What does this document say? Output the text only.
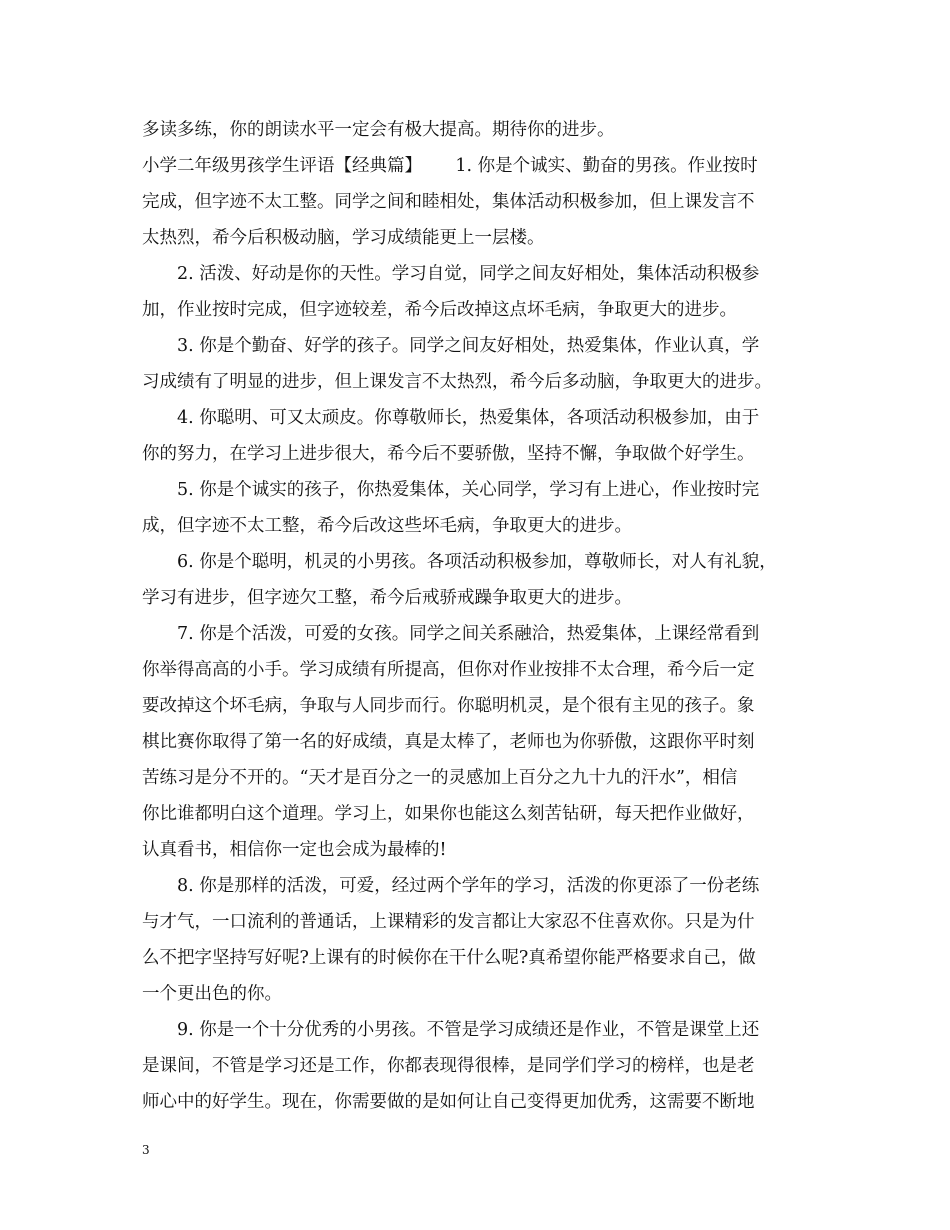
多读多练，你的朗读水平一定会有极大提高。期待你的进步。
小学二年级男孩学生评语【经典篇】      1. 你是个诚实、勤奋的男孩。作业按时
完成，但字迹不太工整。同学之间和睦相处，集体活动积极参加，但上课发言不
太热烈，希今后积极动脑，学习成绩能更上一层楼。
2. 活泼、好动是你的天性。学习自觉，同学之间友好相处，集体活动积极参
加，作业按时完成，但字迹较差，希今后改掉这点坏毛病，争取更大的进步。
3. 你是个勤奋、好学的孩子。同学之间友好相处，热爱集体，作业认真，学
习成绩有了明显的进步，但上课发言不太热烈，希今后多动脑，争取更大的进步。
4. 你聪明、可又太顽皮。你尊敬师长，热爱集体，各项活动积极参加，由于
你的努力，在学习上进步很大，希今后不要骄傲，坚持不懈，争取做个好学生。
5. 你是个诚实的孩子，你热爱集体，关心同学，学习有上进心，作业按时完
成，但字迹不太工整，希今后改这些坏毛病，争取更大的进步。
6. 你是个聪明，机灵的小男孩。各项活动积极参加，尊敬师长，对人有礼貌，
学习有进步，但字迹欠工整，希今后戒骄戒躁争取更大的进步。
7. 你是个活泼，可爱的女孩。同学之间关系融洽，热爱集体，上课经常看到
你举得高高的小手。学习成绩有所提高，但你对作业按排不太合理，希今后一定
要改掉这个坏毛病，争取与人同步而行。你聪明机灵，是个很有主见的孩子。象
棋比赛你取得了第一名的好成绩，真是太棒了，老师也为你骄傲，这跟你平时刻
苦练习是分不开的。“天才是百分之一的灵感加上百分之九十九的汗水”，相信
你比谁都明白这个道理。学习上，如果你也能这么刻苦钻研，每天把作业做好，
认真看书，相信你一定也会成为最棒的!
8. 你是那样的活泼，可爱，经过两个学年的学习，活泼的你更添了一份老练
与才气，一口流利的普通话，上课精彩的发言都让大家忍不住喜欢你。只是为什
么不把字坚持写好呢?上课有的时候你在干什么呢?真希望你能严格要求自己，做
一个更出色的你。
9. 你是一个十分优秀的小男孩。不管是学习成绩还是作业，不管是课堂上还
是课间，不管是学习还是工作，你都表现得很棒，是同学们学习的榜样，也是老
师心中的好学生。现在，你需要做的是如何让自己变得更加优秀，这需要不断地
3
